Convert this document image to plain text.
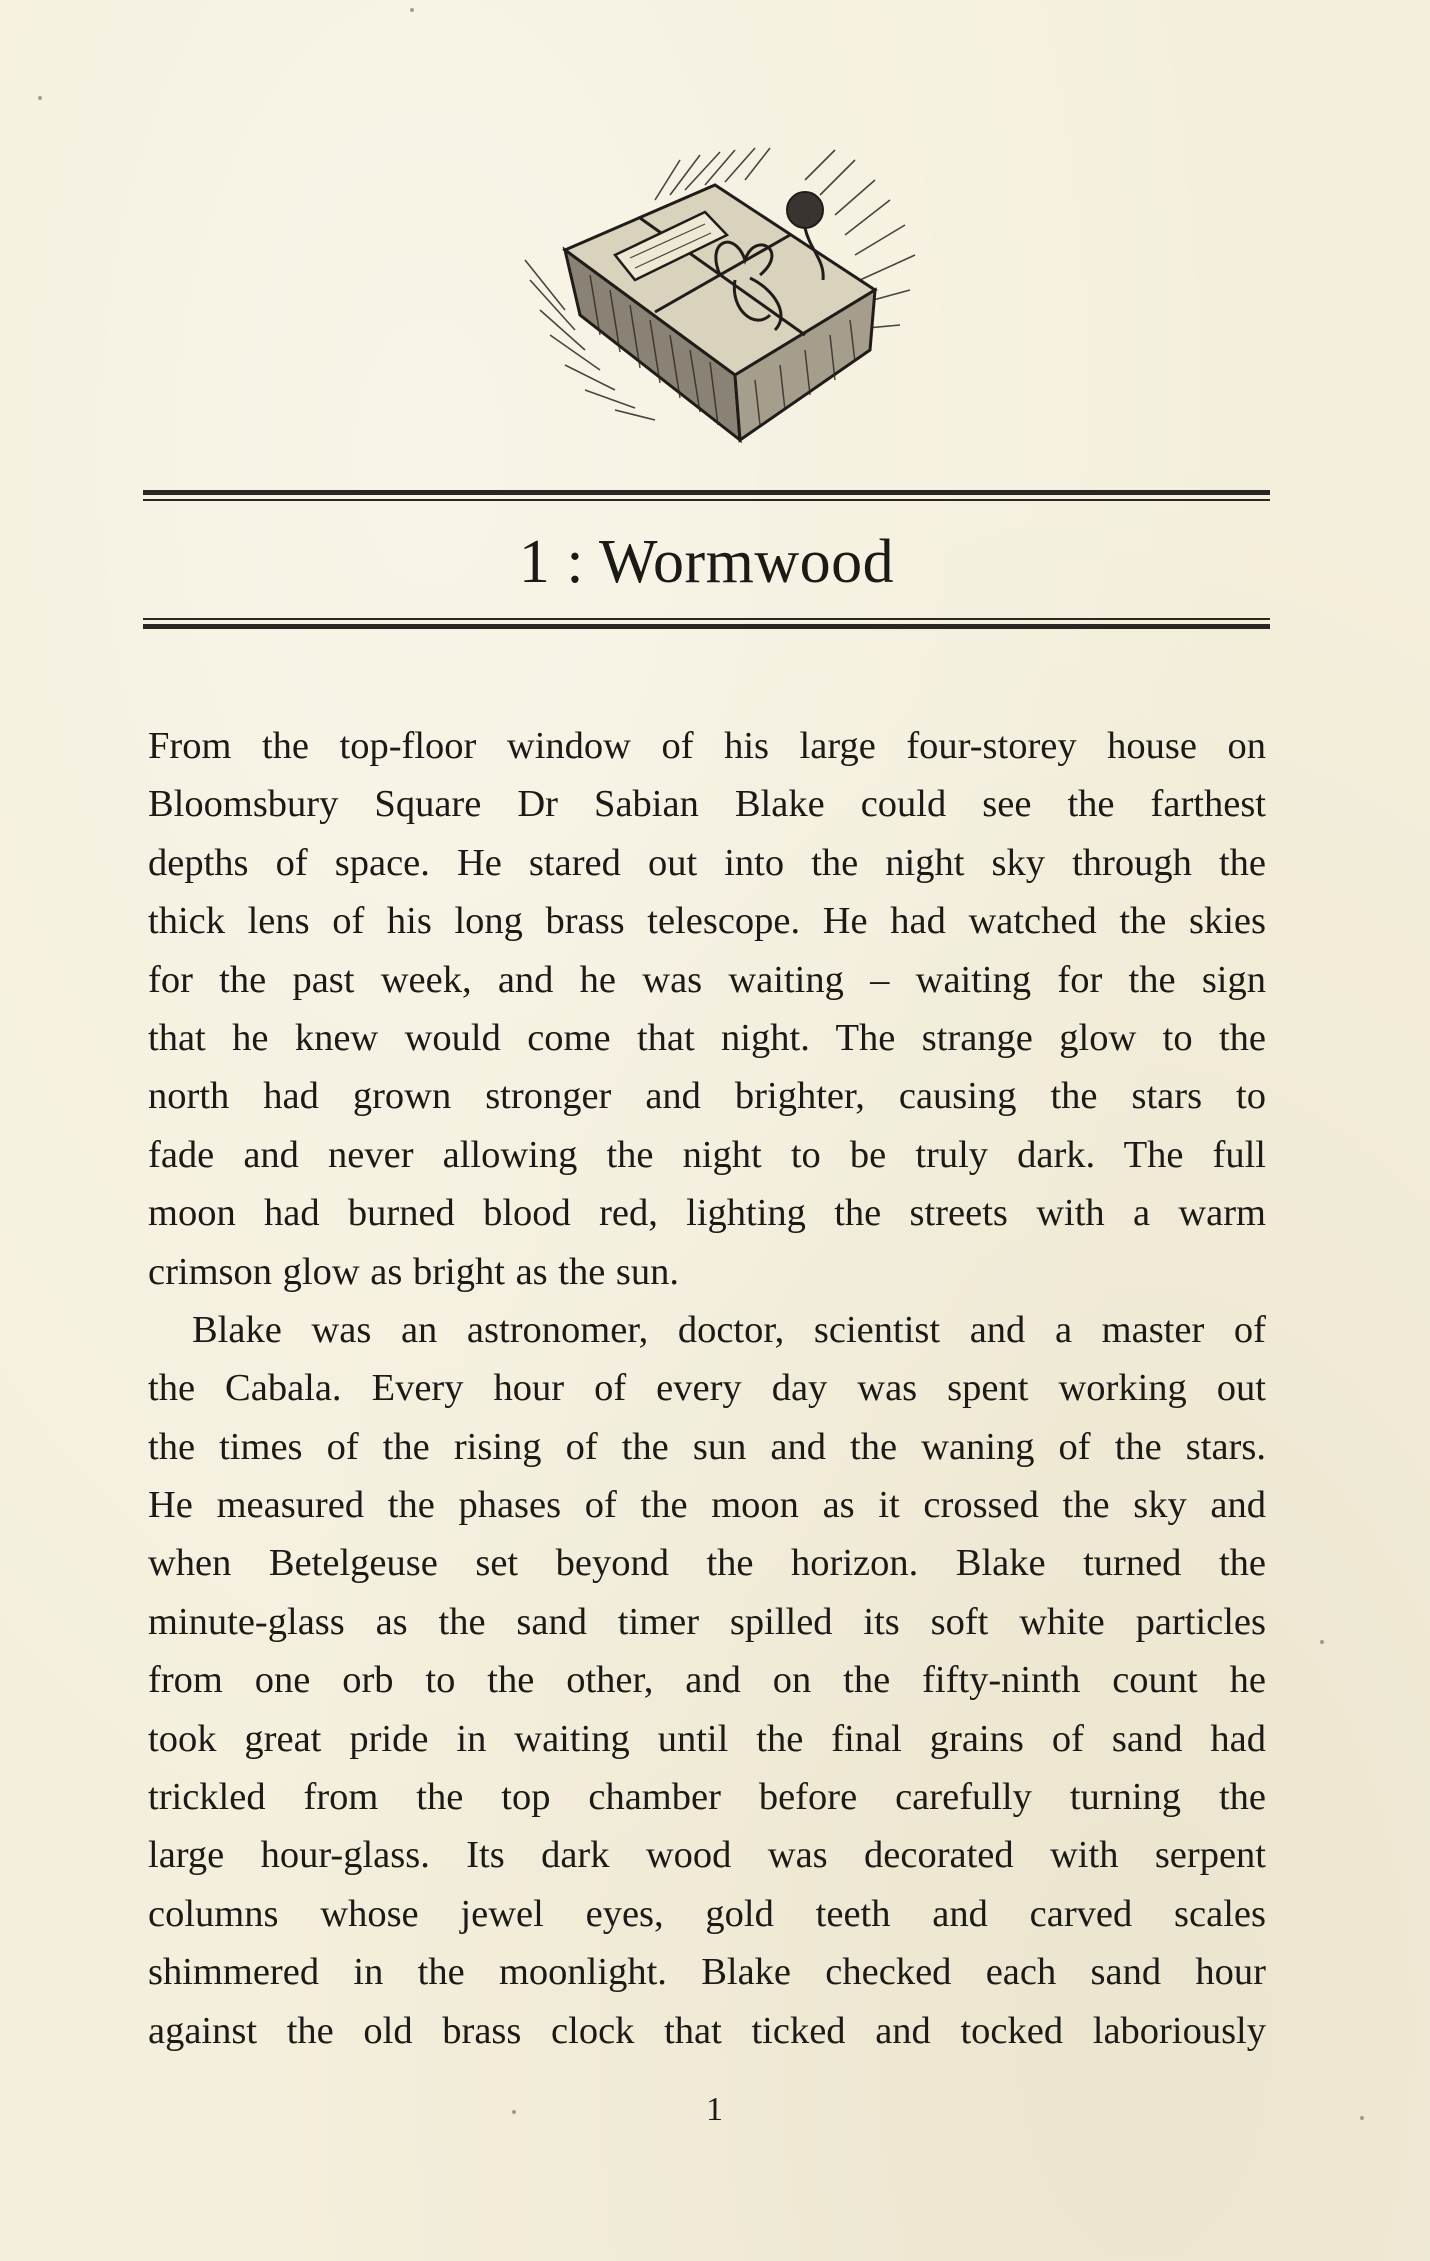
1 : Wormwood
From the top-floor window of his large four-storey house on
Bloomsbury Square Dr Sabian Blake could see the farthest
depths of space. He stared out into the night sky through the
thick lens of his long brass telescope. He had watched the skies
for the past week, and he was waiting – waiting for the sign
that he knew would come that night. The strange glow to the
north had grown stronger and brighter, causing the stars to
fade and never allowing the night to be truly dark. The full
moon had burned blood red, lighting the streets with a warm
crimson glow as bright as the sun.
Blake was an astronomer, doctor, scientist and a master of
the Cabala. Every hour of every day was spent working out
the times of the rising of the sun and the waning of the stars.
He measured the phases of the moon as it crossed the sky and
when Betelgeuse set beyond the horizon. Blake turned the
minute-glass as the sand timer spilled its soft white particles
from one orb to the other, and on the fifty-ninth count he
took great pride in waiting until the final grains of sand had
trickled from the top chamber before carefully turning the
large hour-glass. Its dark wood was decorated with serpent
columns whose jewel eyes, gold teeth and carved scales
shimmered in the moonlight. Blake checked each sand hour
against the old brass clock that ticked and tocked laboriously
1
